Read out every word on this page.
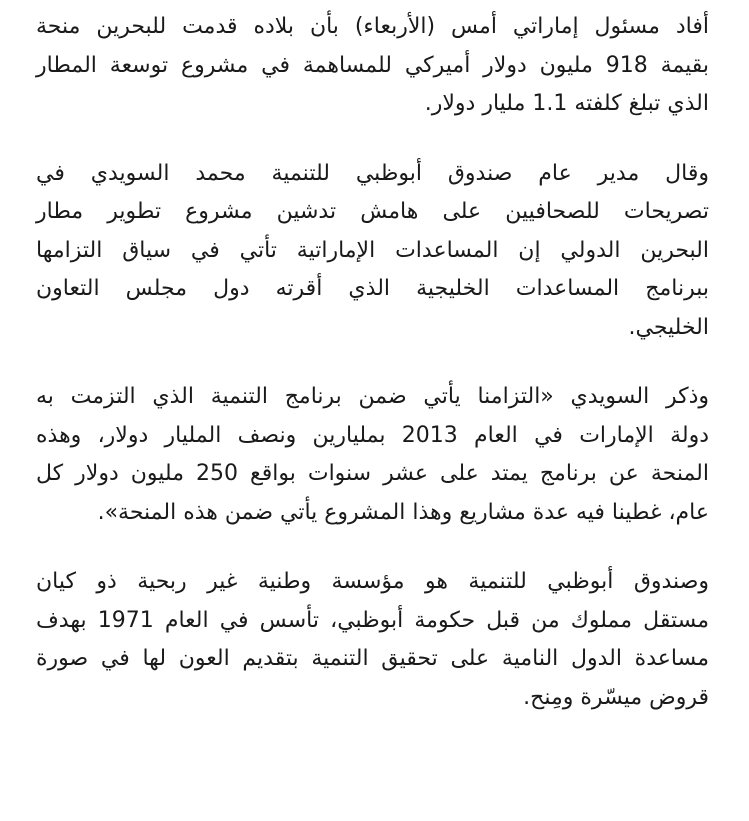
أفاد مسئول إماراتي أمس (الأربعاء) بأن بلاده قدمت للبحرين منحة
بقيمة 918 مليون دولار أميركي للمساهمة في مشروع توسعة المطار
الذي تبلغ كلفته 1.1 مليار دولار.

وقال مدير عام صندوق أبوظبي للتنمية محمد السويدي في
تصريحات للصحافيين على هامش تدشين مشروع تطوير مطار
البحرين الدولي إن المساعدات الإماراتية تأتي في سياق التزامها
ببرنامج المساعدات الخليجية الذي أقرته دول مجلس التعاون
الخليجي.

وذكر السويدي «التزامنا يأتي ضمن برنامج التنمية الذي التزمت به
دولة الإمارات في العام 2013 بمليارين ونصف المليار دولار، وهذه
المنحة عن برنامج يمتد على عشر سنوات بواقع 250 مليون دولار كل
عام، غطينا فيه عدة مشاريع وهذا المشروع يأتي ضمن هذه المنحة».

وصندوق أبوظبي للتنمية هو مؤسسة وطنية غير ربحية ذو كيان
مستقل مملوك من قبل حكومة أبوظبي، تأسس في العام 1971 بهدف
مساعدة الدول النامية على تحقيق التنمية بتقديم العون لها في صورة
قروض ميسّرة ومِنح.
